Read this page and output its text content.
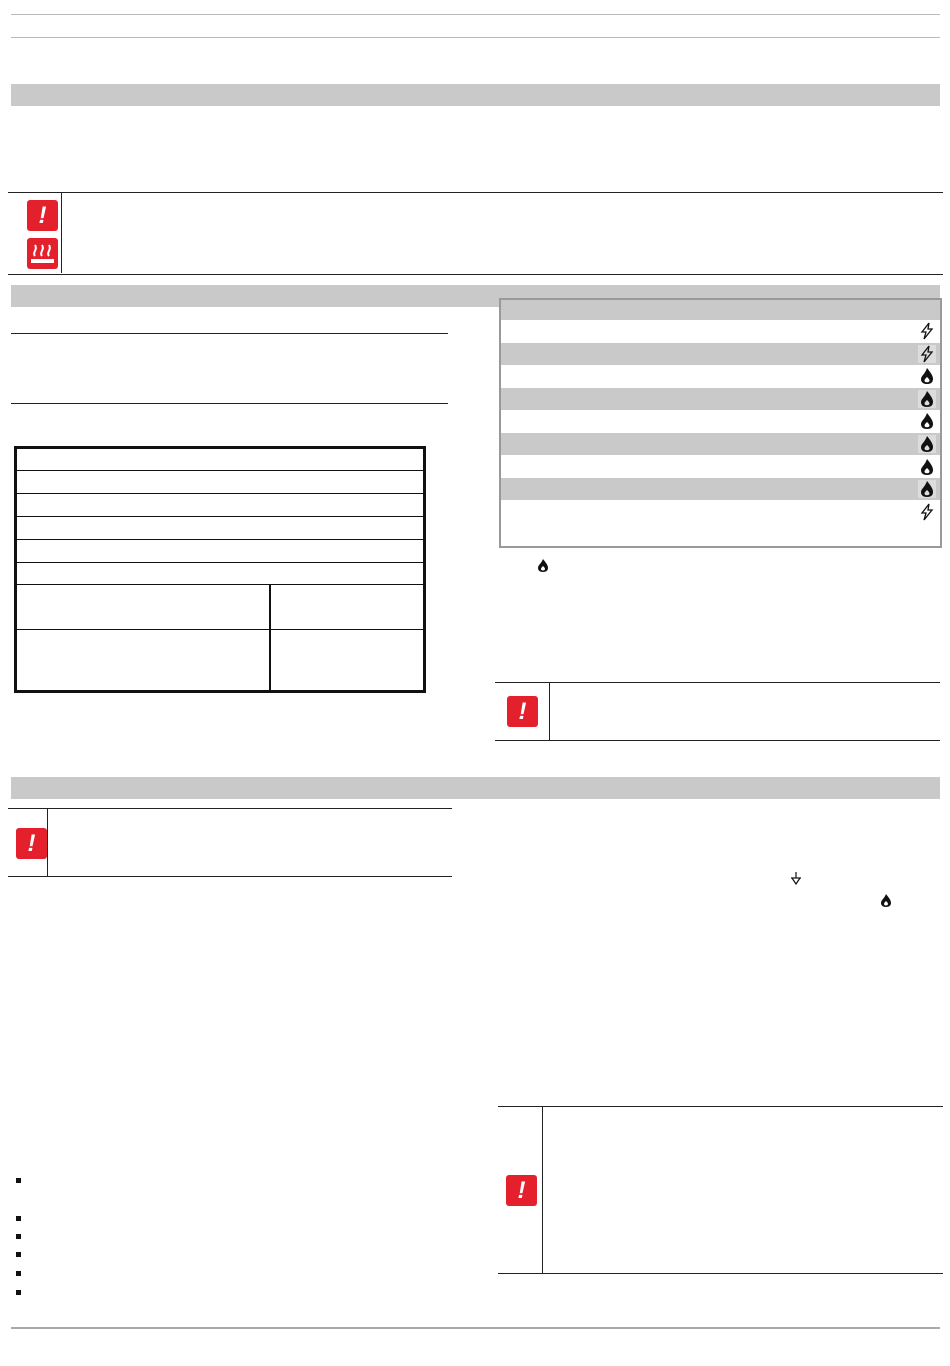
!
!
!
!
